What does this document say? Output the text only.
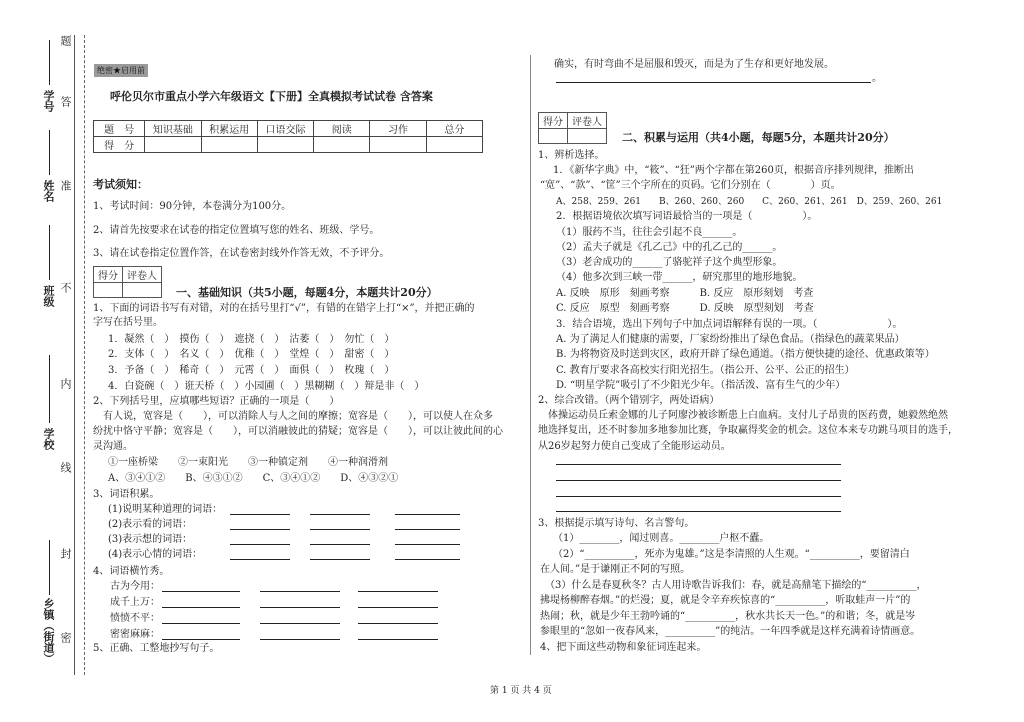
学号
姓名
班级
学校
乡镇（街道）
题
答
准
不
内
线
封
密
绝密★启用前
呼伦贝尔市重点小学六年级语文【下册】全真模拟考试试卷 含答案
题　号	知识基础	积累运用	口语交际	阅读	习作	总分
得　分						
考试须知：
1、考试时间：90分钟，本卷满分为100分。
2、请首先按要求在试卷的指定位置填写您的姓名、班级、学号。
3、请在试卷指定位置作答，在试卷密封线外作答无效，不予评分。
得分	评卷人

一、基础知识（共5小题，每题4分，本题共计20分）
1、下面的词语书写有对错，对的在括号里打“√”，有错的在错字上打“×”，并把正确的
字写在括号里。
1．凝然（　）　摸伤（　）　遮挠（　）　沽萎（　）　勿忙（　）
2．支体（　）　名义（　）　优稚（　）　堂煌（　）　甜密（　）
3．予备（　）　稀奇（　）　元霄（　）　面俱（　）　枚瑰（　）
4．白瓷碗（　）诳天桥（　）小园圃（　）黑糊糊（　）辩是非（　）
2、下列括号里，应填哪些短语？正确的一项是（　　）
　有人说，宽容是（　　），可以消除人与人之间的摩擦；宽容是（　　），可以使人在众多
纷扰中恪守平静；宽容是（　　），可以消融彼此的猜疑；宽容是（　　），可以让彼此间的心
灵沟通。
①一座桥梁　　②一束阳光　　③一种镇定剂　　④一种润滑剂
A、③④①②　　B、④③①②　　C、③④①②　　D、④③②①
3、词语积累。
(1)说明某种道理的词语：
(2)表示看的词语：
(3)表示想的词语：
(4)表示心情的词语：
4、词语横竹秀。
古为今用：
成千上万：
愤愤不平：
密密麻麻：
5、正确、工整地抄写句子。
确实，有时弯曲不是屈服和毁灭，而是为了生存和更好地发展。
。
得分	评卷人

二、积累与运用（共4小题，每题5分，本题共计20分）
1、辨析选择。
1．《新华字典》中，“筱”、“狂”两个字都在第260页，根据音序排列规律，推断出
“宽”、“款”、“筐”三个字所在的页码。它们分别在（　　　　）页。
A、258、259、261　　B、260、260、260　　C、260、261、261　D、259、260、261
2．根据语境依次填写词语最恰当的一项是（　　　　　）。
（1）服药不当，往往会引起不良______。
（2）孟夫子就是《孔乙己》中的孔乙己的______。
（3）老舍成功的______了骆驼祥子这个典型形象。
（4）他多次到三峡一带______，研究那里的地形地貌。
A. 反映　原形　刻画考察　　　B. 反应　原形刻划　考查
C. 反应　原型　刻画考察　　　D. 反映　原型刻划　考查
3．结合语境，选出下列句子中加点词语解释有误的一项。（　　　　　　　）。
A. 为了满足人们健康的需要，厂家纷纷推出了绿色食品。（指绿色的蔬菜果品）
B. 为将物资及时送到灾区，政府开辟了绿色通道。（指方便快捷的途径、优惠政策等）
C. 教育厅要求各高校实行阳光招生。（指公开、公平、公正的招生）
D. “明星学院”吸引了不少阳光少年。（指活泼、富有生气的少年）
2、综合改错。（两个错别字，两处语病）
　体操运动员丘索金娜的儿子阿廖沙被诊断患上白血病。支付儿子昂贵的医药费，她毅然绝然
地选择复出，还不时参加多地参加比赛，争取赢得奖金的机会。这位本来专功跳马项目的选手，
从26岁起努力使自己变成了全能形运动员。
3、根据提示填写诗句、名言警句。
（1）________，闻过则喜。________户枢不蠹。
（2）“__________，死亦为鬼雄。”这是李清照的人生观。“__________，要留清白
在人间。”是于谦刚正不阿的写照。
　（3）什么是春夏秋冬？古人用诗歌告诉我们：春，就是高鼎笔下描绘的“__________，
拂堤杨柳醉春烟。”的烂漫；夏，就是令辛弃疾惊喜的“__________，听取蛙声一片”的
热闹；秋，就是少年王勃吟诵的“__________，秋水共长天一色。”的和谐；冬，就是岑
参眼里的“忽如一夜春风来，__________”的纯洁。一年四季就是这样充满着诗情画意。
4、把下面这些动物和象征词连起来。
第 1 页 共 4 页
